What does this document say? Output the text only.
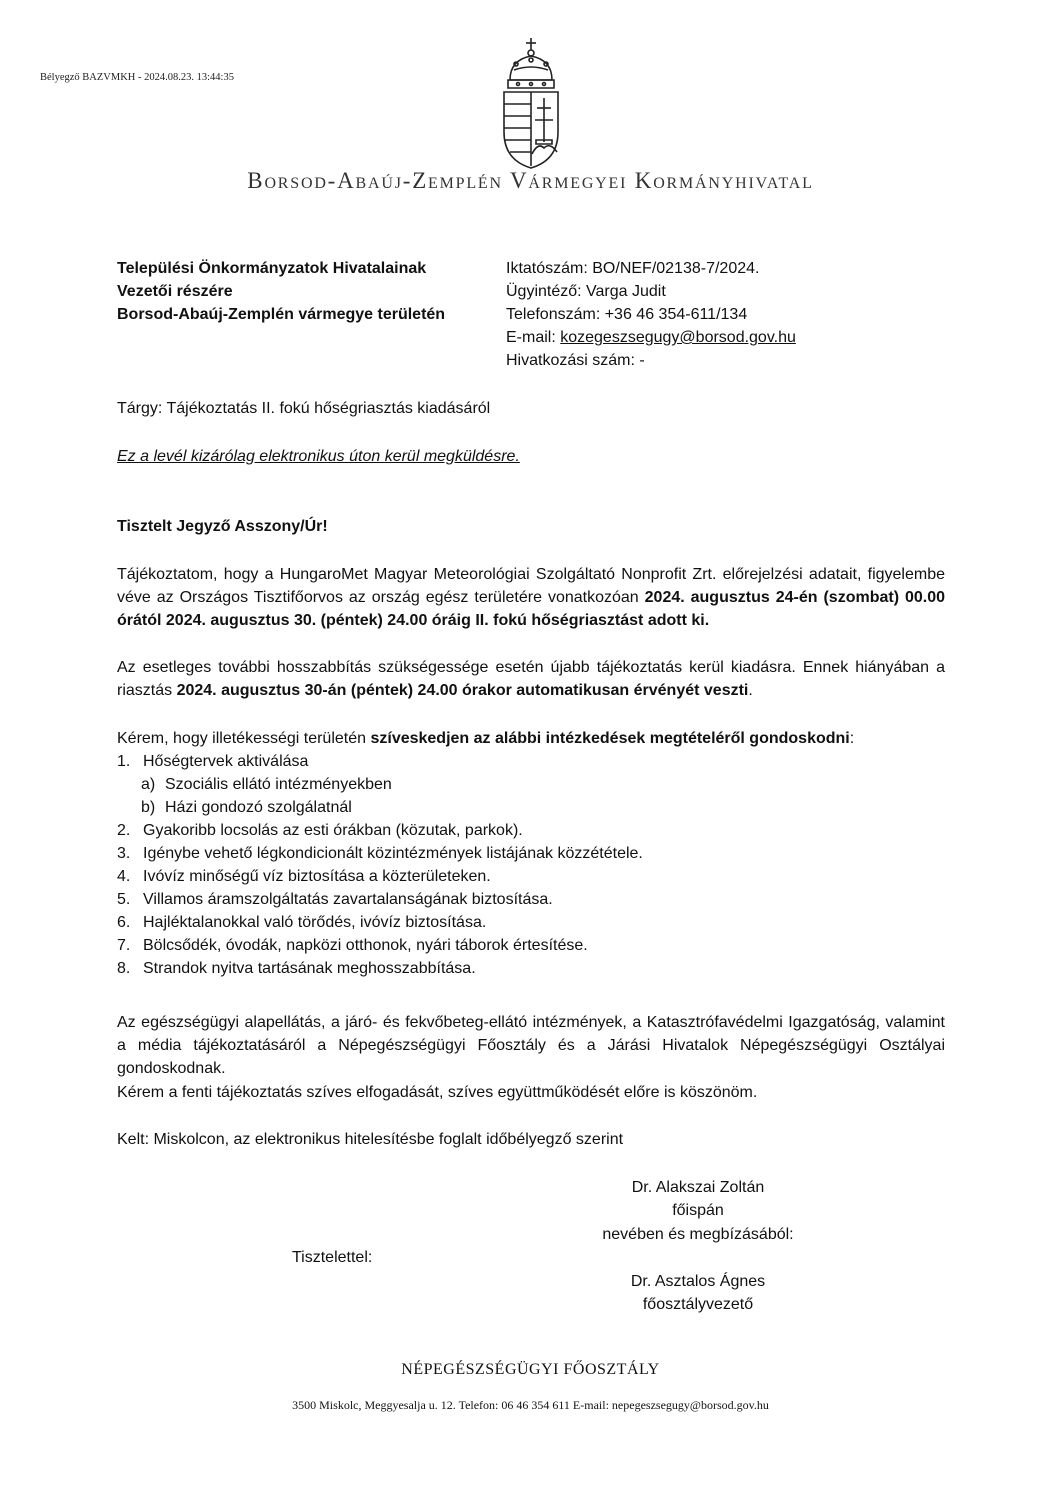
Bélyegző BAZVMKH - 2024.08.23. 13:44:35
Borsod-Abaúj-Zemplén Vármegyei Kormányhivatal
Települési Önkormányzatok Hivatalainak
Vezetői részére
Borsod-Abaúj-Zemplén vármegye területén
Iktatószám: BO/NEF/02138-7/2024.
Ügyintéző: Varga Judit
Telefonszám: +36 46 354-611/134
E-mail: kozegeszsegugy@borsod.gov.hu
Hivatkozási szám: -
Tárgy: Tájékoztatás II. fokú hőségriasztás kiadásáról
Ez a levél kizárólag elektronikus úton kerül megküldésre.
Tisztelt Jegyző Asszony/Úr!
Tájékoztatom, hogy a HungaroMet Magyar Meteorológiai Szolgáltató Nonprofit Zrt. előrejelzési adatait, figyelembe véve az Országos Tisztifőorvos az ország egész területére vonatkozóan 2024. augusztus 24-én (szombat) 00.00 órától 2024. augusztus 30. (péntek) 24.00 óráig II. fokú hőségriasztást adott ki.
Az esetleges további hosszabbítás szükségessége esetén újabb tájékoztatás kerül kiadásra. Ennek hiányában a riasztás 2024. augusztus 30-án (péntek) 24.00 órakor automatikusan érvényét veszti.
Kérem, hogy illetékességi területén szíveskedjen az alábbi intézkedések megtételéről gondoskodni:
1. Hőségtervek aktiválása
a) Szociális ellátó intézményekben
b) Házi gondozó szolgálatnál
2. Gyakoribb locsolás az esti órákban (közutak, parkok).
3. Igénybe vehető légkondicionált közintézmények listájának közzététele.
4. Ivóvíz minőségű víz biztosítása a közterületeken.
5. Villamos áramszolgáltatás zavartalanságának biztosítása.
6. Hajléktalanokkal való törődés, ivóvíz biztosítása.
7. Bölcsődék, óvodák, napközi otthonok, nyári táborok értesítése.
8. Strandok nyitva tartásának meghosszabbítása.
Az egészségügyi alapellátás, a járó- és fekvőbeteg-ellátó intézmények, a Katasztrófavédelmi Igazgatóság, valamint a média tájékoztatásáról a Népegészségügyi Főosztály és a Járási Hivatalok Népegészségügyi Osztályai gondoskodnak.
Kérem a fenti tájékoztatás szíves elfogadását, szíves együttműködését előre is köszönöm.
Kelt: Miskolcon, az elektronikus hitelesítésbe foglalt időbélyegző szerint
Dr. Alakszai Zoltán
főispán
nevében és megbízásából:
Tisztelettel:
Dr. Asztalos Ágnes
főosztályvezető
NÉPEGÉSZSÉGÜGYI FŐOSZTÁLY
3500 Miskolc, Meggyesalja u. 12. Telefon: 06 46 354 611 E-mail: nepegeszsegugy@borsod.gov.hu
